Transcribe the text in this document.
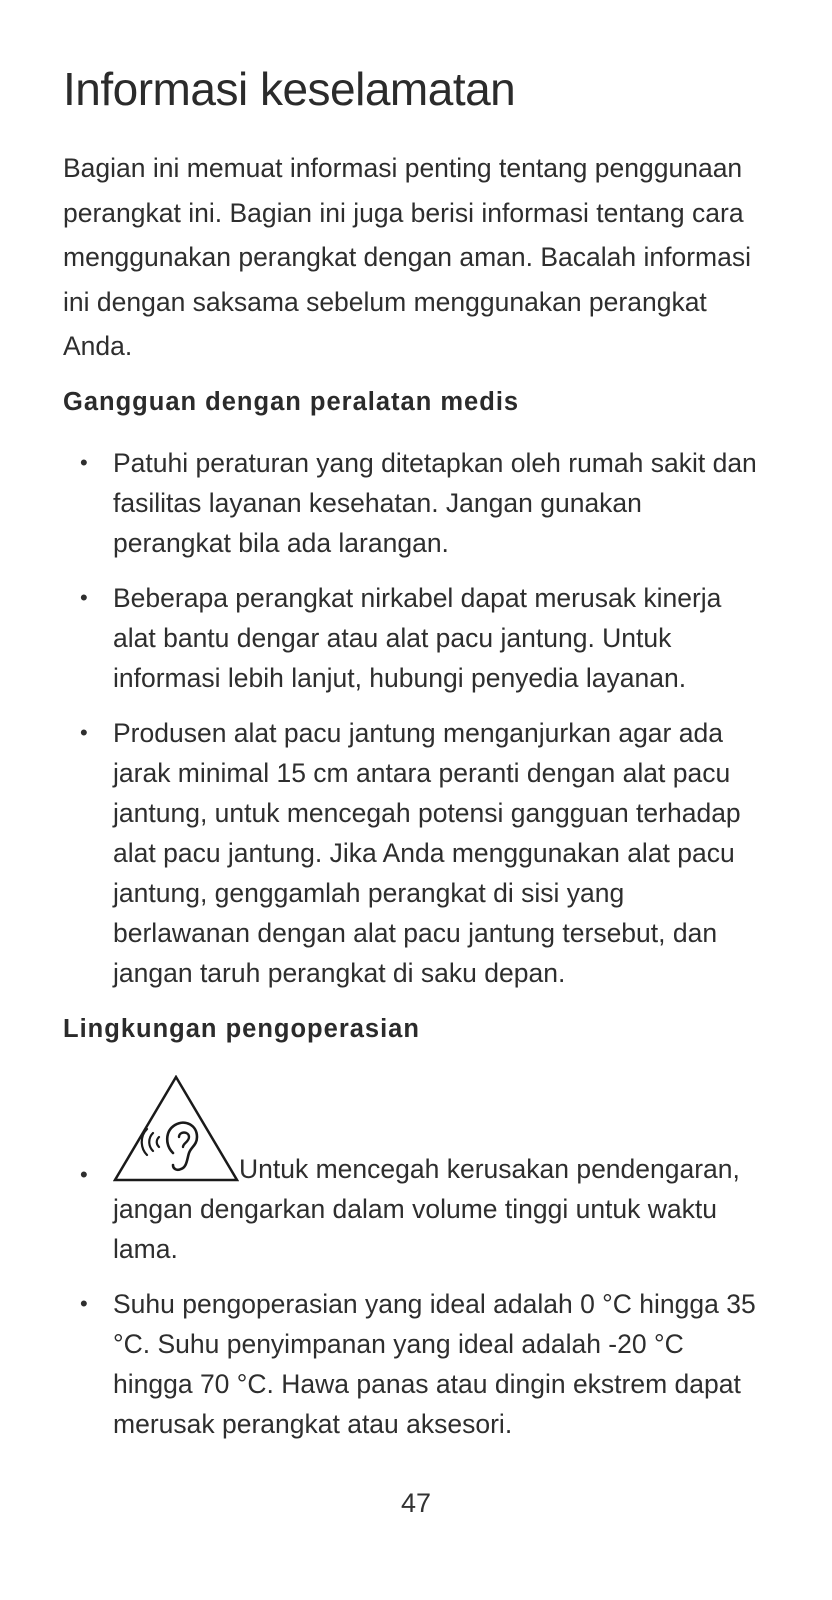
Informasi keselamatan

Bagian ini memuat informasi penting tentang penggunaan perangkat ini. Bagian ini juga berisi informasi tentang cara menggunakan perangkat dengan aman. Bacalah informasi ini dengan saksama sebelum menggunakan perangkat Anda.

Gangguan dengan peralatan medis
• Patuhi peraturan yang ditetapkan oleh rumah sakit dan fasilitas layanan kesehatan. Jangan gunakan perangkat bila ada larangan.
• Beberapa perangkat nirkabel dapat merusak kinerja alat bantu dengar atau alat pacu jantung. Untuk informasi lebih lanjut, hubungi penyedia layanan.
• Produsen alat pacu jantung menganjurkan agar ada jarak minimal 15 cm antara peranti dengan alat pacu jantung, untuk mencegah potensi gangguan terhadap alat pacu jantung. Jika Anda menggunakan alat pacu jantung, genggamlah perangkat di sisi yang berlawanan dengan alat pacu jantung tersebut, dan jangan taruh perangkat di saku depan.
Lingkungan pengoperasian
•	Untuk mencegah kerusakan pendengaran, jangan dengarkan dalam volume tinggi untuk waktu lama.
• Suhu pengoperasian yang ideal adalah 0 °C hingga 35 °C. Suhu penyimpanan yang ideal adalah -20 °C hingga 70 °C. Hawa panas atau dingin ekstrem dapat merusak perangkat atau aksesori.
47
